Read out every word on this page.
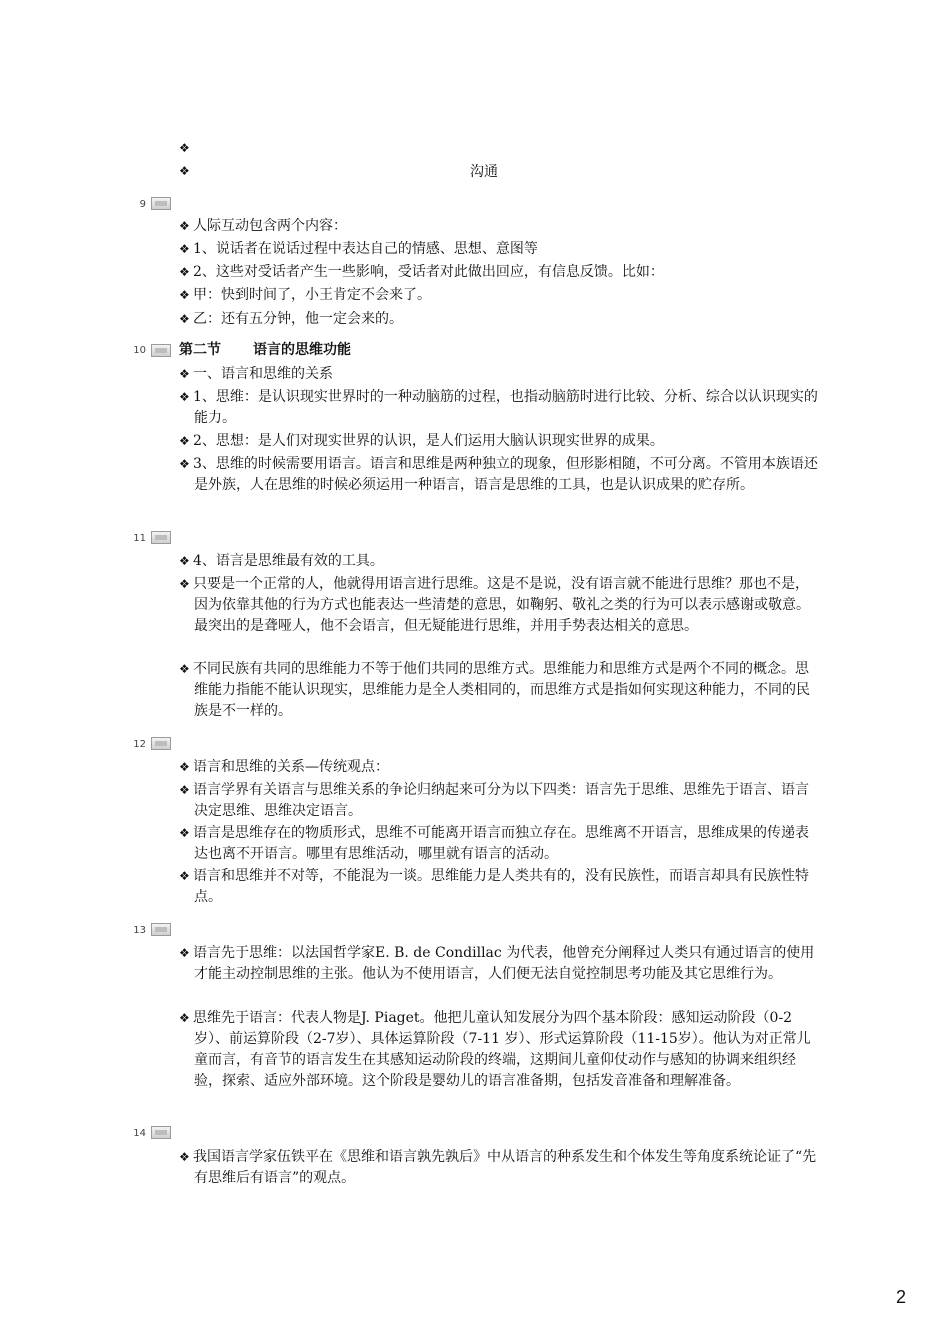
❖
❖	沟通
9
❖ 人际互动包含两个内容：
❖ 1、说话者在说话过程中表达自己的情感、思想、意图等
❖ 2、这些对受话者产生一些影响，受话者对此做出回应，有信息反馈。比如：
❖ 甲：快到时间了，小王肯定不会来了。
❖ 乙：还有五分钟，他一定会来的。
10 第二节 语言的思维功能
❖ 一、语言和思维的关系
❖ 1、思维：是认识现实世界时的一种动脑筋的过程，也指动脑筋时进行比较、分析、综合以认识现实的能力。
❖ 2、思想：是人们对现实世界的认识，是人们运用大脑认识现实世界的成果。
❖ 3、思维的时候需要用语言。语言和思维是两种独立的现象，但形影相随，不可分离。不管用本族语还是外族，人在思维的时候必须运用一种语言，语言是思维的工具，也是认识成果的贮存所。
11
❖ 4、语言是思维最有效的工具。
❖ 只要是一个正常的人，他就得用语言进行思维。这是不是说，没有语言就不能进行思维？那也不是，因为依靠其他的行为方式也能表达一些清楚的意思，如鞠躬、敬礼之类的行为可以表示感谢或敬意。最突出的是聋哑人，他不会语言，但无疑能进行思维，并用手势表达相关的意思。
❖ 不同民族有共同的思维能力不等于他们共同的思维方式。思维能力和思维方式是两个不同的概念。思维能力指能不能认识现实，思维能力是全人类相同的，而思维方式是指如何实现这种能力，不同的民族是不一样的。
12
❖ 语言和思维的关系—传统观点：
❖ 语言学界有关语言与思维关系的争论归纳起来可分为以下四类：语言先于思维、思维先于语言、语言决定思维、思维决定语言。
❖ 语言是思维存在的物质形式，思维不可能离开语言而独立存在。思维离不开语言，思维成果的传递表达也离不开语言。哪里有思维活动，哪里就有语言的活动。
❖ 语言和思维并不对等，不能混为一谈。思维能力是人类共有的，没有民族性，而语言却具有民族性特点。
13
❖ 语言先于思维：以法国哲学家E. B. de Condillac 为代表，他曾充分阐释过人类只有通过语言的使用才能主动控制思维的主张。他认为不使用语言，人们便无法自觉控制思考功能及其它思维行为。
❖ 思维先于语言：代表人物是J. Piaget。他把儿童认知发展分为四个基本阶段：感知运动阶段（0-2岁）、前运算阶段（2-7岁）、具体运算阶段（7-11 岁）、形式运算阶段（11-15岁）。他认为对正常儿童而言，有音节的语言发生在其感知运动阶段的终端，这期间儿童仰仗动作与感知的协调来组织经验，探索、适应外部环境。这个阶段是婴幼儿的语言准备期，包括发音准备和理解准备。
14
❖ 我国语言学家伍铁平在《思维和语言孰先孰后》中从语言的种系发生和个体发生等角度系统论证了“先有思维后有语言”的观点。
2
